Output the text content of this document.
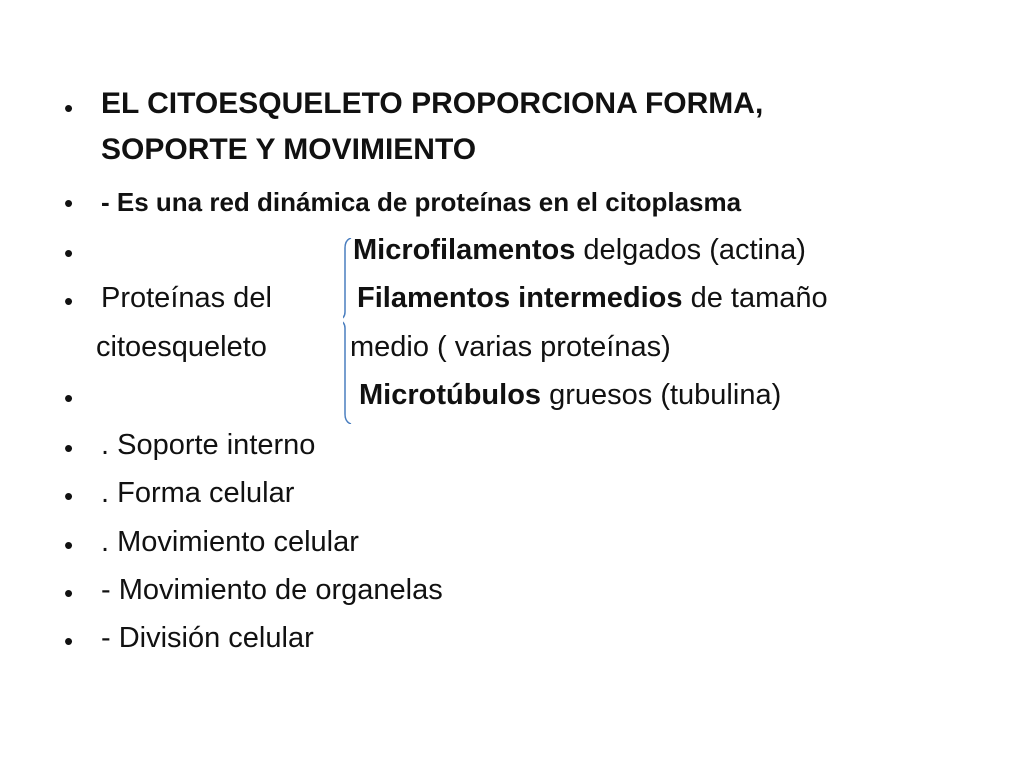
• EL CITOESQUELETO PROPORCIONA FORMA,
SOPORTE Y MOVIMIENTO
• - Es una red dinámica de proteínas en el citoplasma
•	Microfilamentos delgados (actina)
• Proteínas del	Filamentos intermedios de tamaño
citoesqueleto	medio ( varias proteínas)
•	Microtúbulos gruesos (tubulina)
• . Soporte interno
• . Forma celular
• . Movimiento celular
• - Movimiento de organelas
• - División celular
